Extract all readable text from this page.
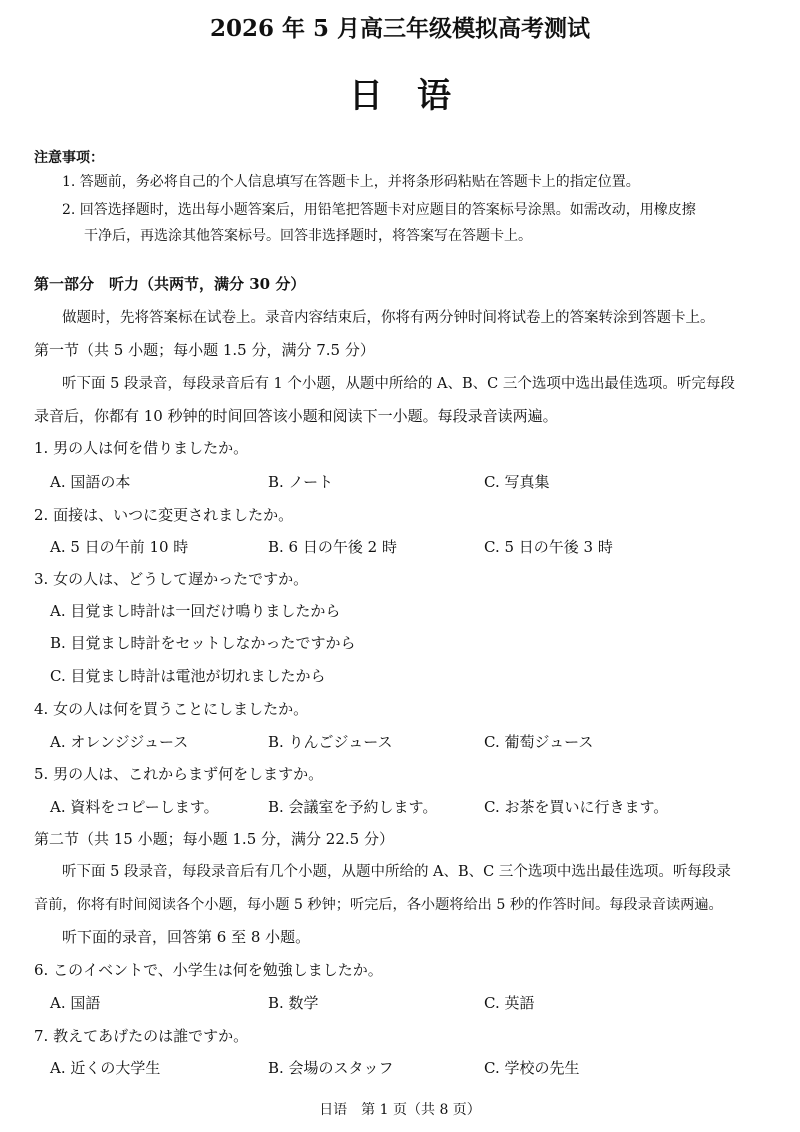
2026 年 5 月高三年级模拟高考测试
日　语
注意事项：
1. 答题前，务必将自己的个人信息填写在答题卡上，并将条形码粘贴在答题卡上的指定位置。
2. 回答选择题时，选出每小题答案后，用铅笔把答题卡对应题目的答案标号涂黑。如需改动，用橡皮擦
干净后，再选涂其他答案标号。回答非选择题时，将答案写在答题卡上。
第一部分　听力（共两节，满分 30 分）
做题时，先将答案标在试卷上。录音内容结束后，你将有两分钟时间将试卷上的答案转涂到答题卡上。
第一节（共 5 小题；每小题 1.5 分，满分 7.5 分）
听下面 5 段录音，每段录音后有 1 个小题，从题中所给的 A、B、C 三个选项中选出最佳选项。听完每段
录音后，你都有 10 秒钟的时间回答该小题和阅读下一小题。每段录音读两遍。
1. 男の人は何を借りましたか。
A. 国語の本	B. ノート	C. 写真集
2. 面接は、いつに変更されましたか。
A. 5 日の午前 10 時	B. 6 日の午後 2 時	C. 5 日の午後 3 時
3. 女の人は、どうして遅かったですか。
A. 目覚まし時計は一回だけ鳴りましたから
B. 目覚まし時計をセットしなかったですから
C. 目覚まし時計は電池が切れましたから
4. 女の人は何を買うことにしましたか。
A. オレンジジュース	B. りんごジュース	C. 葡萄ジュース
5. 男の人は、これからまず何をしますか。
A. 資料をコピーします。	B. 会議室を予約します。	C. お茶を買いに行きます。
第二节（共 15 小题；每小题 1.5 分，满分 22.5 分）
听下面 5 段录音，每段录音后有几个小题，从题中所给的 A、B、C 三个选项中选出最佳选项。听每段录
音前，你将有时间阅读各个小题，每小题 5 秒钟；听完后，各小题将给出 5 秒的作答时间。每段录音读两遍。
听下面的录音，回答第 6 至 8 小题。
6. このイベントで、小学生は何を勉強しましたか。
A. 国語	B. 数学	C. 英語
7. 教えてあげたのは誰ですか。
A. 近くの大学生	B. 会場のスタッフ	C. 学校の先生
日语　第 1 页（共 8 页）
